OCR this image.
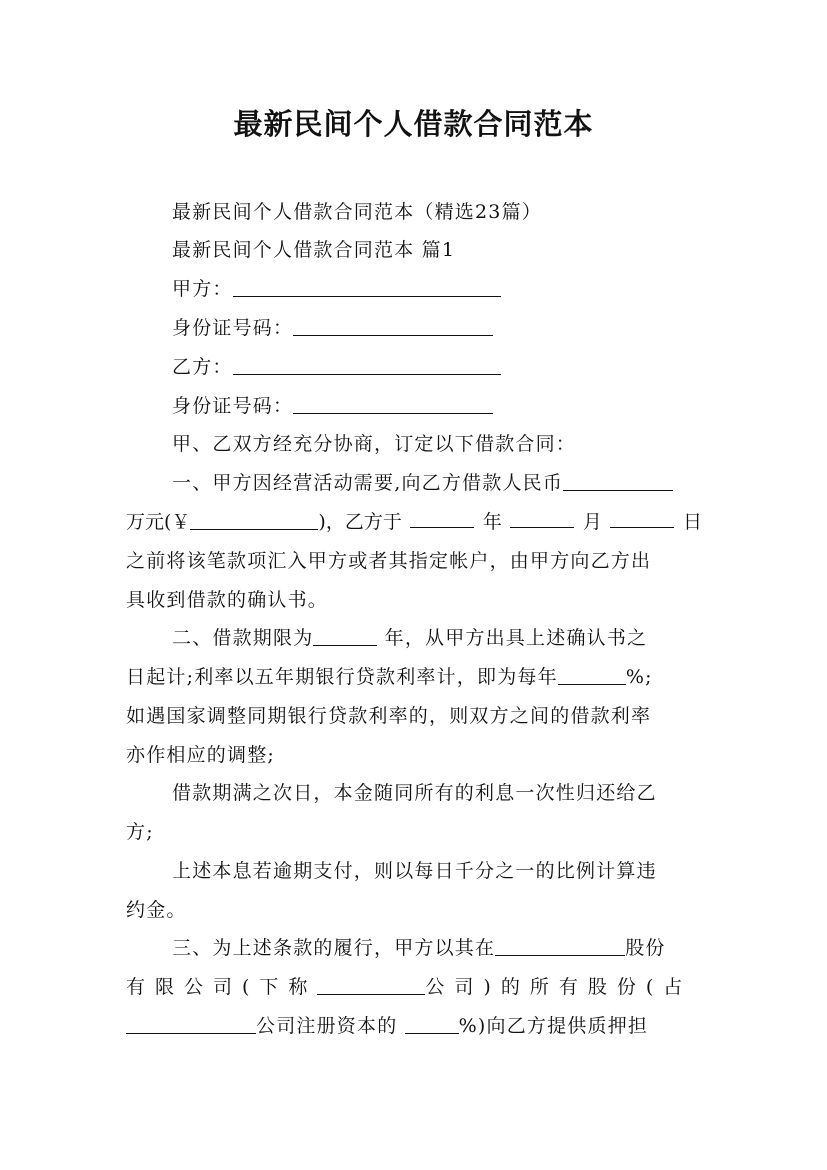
最新民间个人借款合同范本
最新民间个人借款合同范本（精选23篇）
最新民间个人借款合同范本 篇1
甲方：
身份证号码：
乙方：
身份证号码：
甲、乙双方经充分协商，订定以下借款合同：
一、甲方因经营活动需要,向乙方借款人民币
万元(￥	)，乙方于	年	月	日
之前将该笔款项汇入甲方或者其指定帐户，由甲方向乙方出
具收到借款的确认书。
二、借款期限为	年，从甲方出具上述确认书之
日起计;利率以五年期银行贷款利率计，即为每年	%;
如遇国家调整同期银行贷款利率的，则双方之间的借款利率
亦作相应的调整;
借款期满之次日，本金随同所有的利息一次性归还给乙
方;
上述本息若逾期支付，则以每日千分之一的比例计算违
约金。
三、为上述条款的履行，甲方以其在	股份
有限公司(下称	公司)的所有股份(占
公司注册资本的	%)向乙方提供质押担
